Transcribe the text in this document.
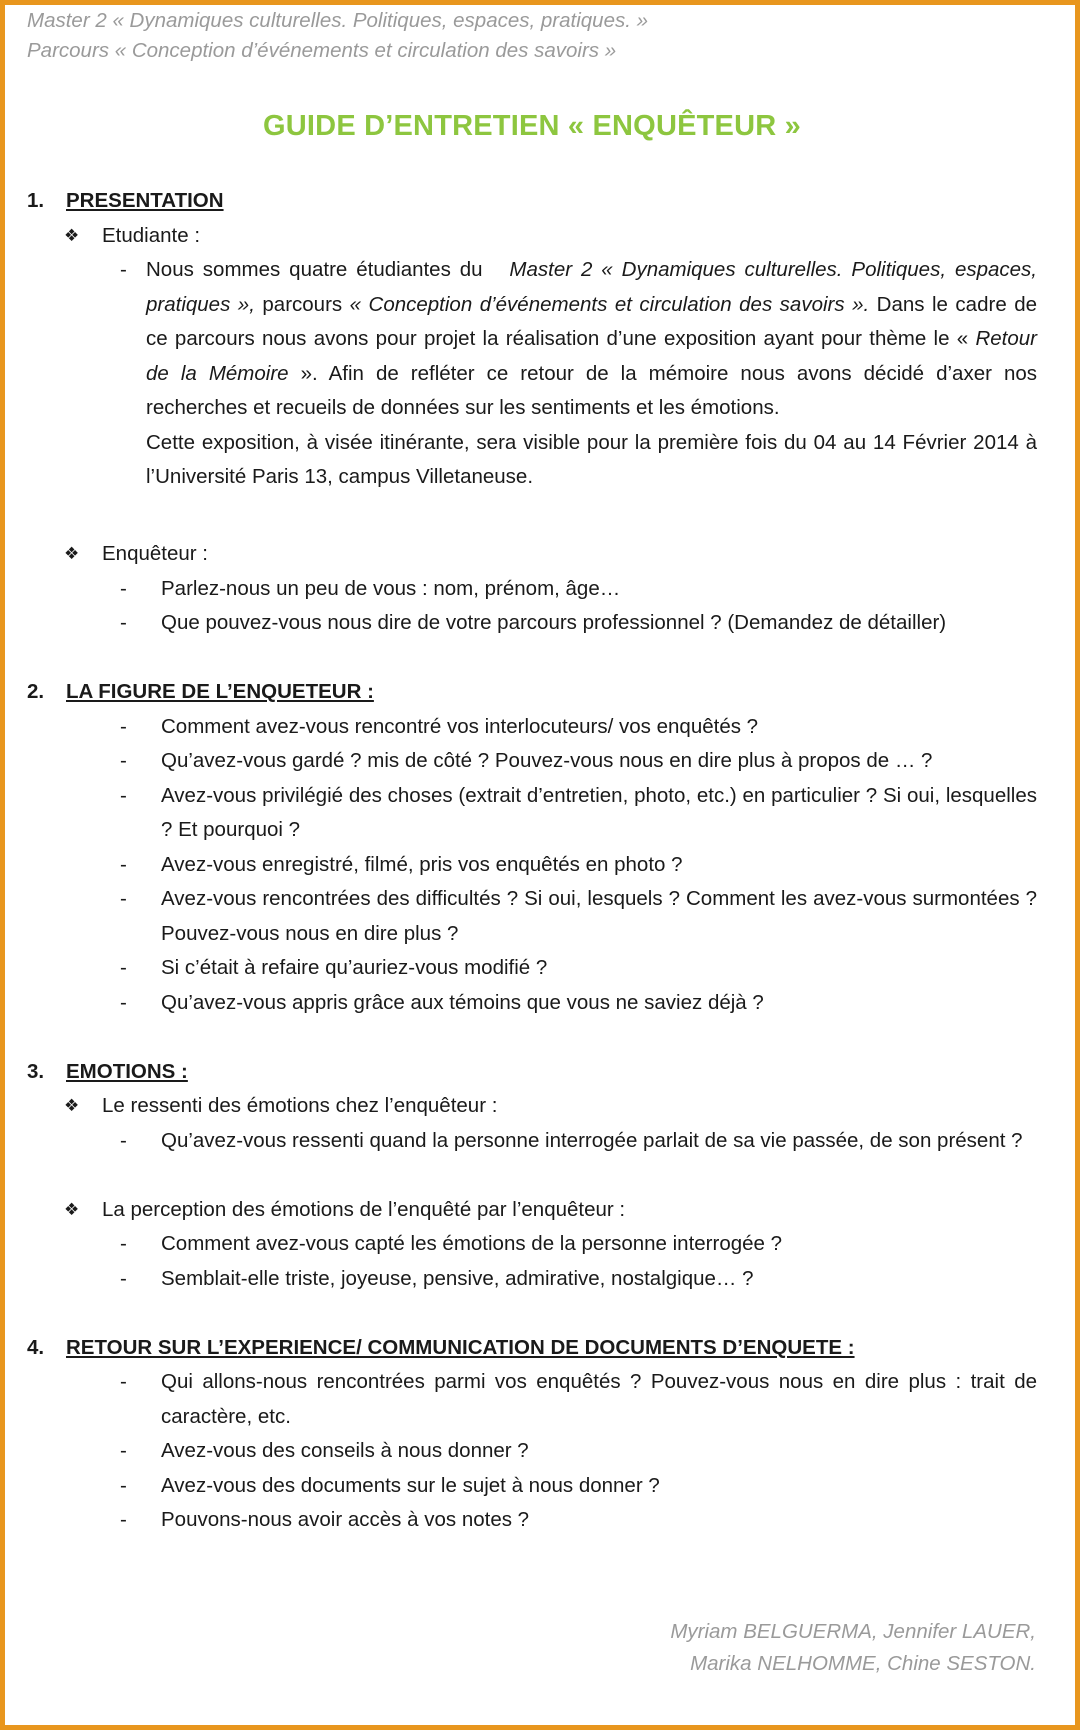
Master 2 « Dynamiques culturelles. Politiques, espaces, pratiques. »

Parcours « Conception d’événements et circulation des savoirs »

GUIDE D’ENTRETIEN « ENQUÊTEUR »
1.	PRESENTATION
❖	Etudiante :
- Nous sommes quatre étudiantes du Master 2 « Dynamiques culturelles. Politiques, espaces, pratiques », parcours « Conception d’événements et circulation des savoirs ». Dans le cadre de ce parcours nous avons pour projet la réalisation d’une exposition ayant pour thème le « Retour de la Mémoire ». Afin de refléter ce retour de la mémoire nous avons décidé d’axer nos recherches et recueils de données sur les sentiments et les émotions.
Cette exposition, à visée itinérante, sera visible pour la première fois du 04 au 14 Février 2014 à l’Université Paris 13, campus Villetaneuse.
❖	Enquêteur :
-	Parlez-nous un peu de vous : nom, prénom, âge…
-	Que pouvez-vous nous dire de votre parcours professionnel ? (Demandez de détailler)
2.	LA FIGURE DE L’ENQUETEUR :
-	Comment avez-vous rencontré vos interlocuteurs/ vos enquêtés ?
-	Qu’avez-vous gardé ? mis de côté ? Pouvez-vous nous en dire plus à propos de … ?
-	Avez-vous privilégié des choses (extrait d’entretien, photo, etc.) en particulier ? Si oui, lesquelles ? Et pourquoi ?
-	Avez-vous enregistré, filmé, pris vos enquêtés en photo ?
-	Avez-vous rencontrées des difficultés ? Si oui, lesquels ? Comment les avez-vous surmontées ? Pouvez-vous nous en dire plus ?
-	Si c’était à refaire qu’auriez-vous modifié ?
-	Qu’avez-vous appris grâce aux témoins que vous ne saviez déjà ?
3.	EMOTIONS :
❖	Le ressenti des émotions chez l’enquêteur :
-	Qu’avez-vous ressenti quand la personne interrogée parlait de sa vie passée, de son présent ?
❖	La perception des émotions de l’enquêté par l’enquêteur :
-	Comment avez-vous capté les émotions de la personne interrogée ?
-	Semblait-elle triste, joyeuse, pensive, admirative, nostalgique… ?
4.	RETOUR SUR L’EXPERIENCE/ COMMUNICATION DE DOCUMENTS D’ENQUETE :
-	Qui allons-nous rencontrées parmi vos enquêtés ? Pouvez-vous nous en dire plus : trait de caractère, etc.
-	Avez-vous des conseils à nous donner ?
-	Avez-vous des documents sur le sujet à nous donner ?
-	Pouvons-nous avoir accès à vos notes ?
Myriam BELGUERMA, Jennifer LAUER,
Marika NELHOMME, Chine SESTON.
